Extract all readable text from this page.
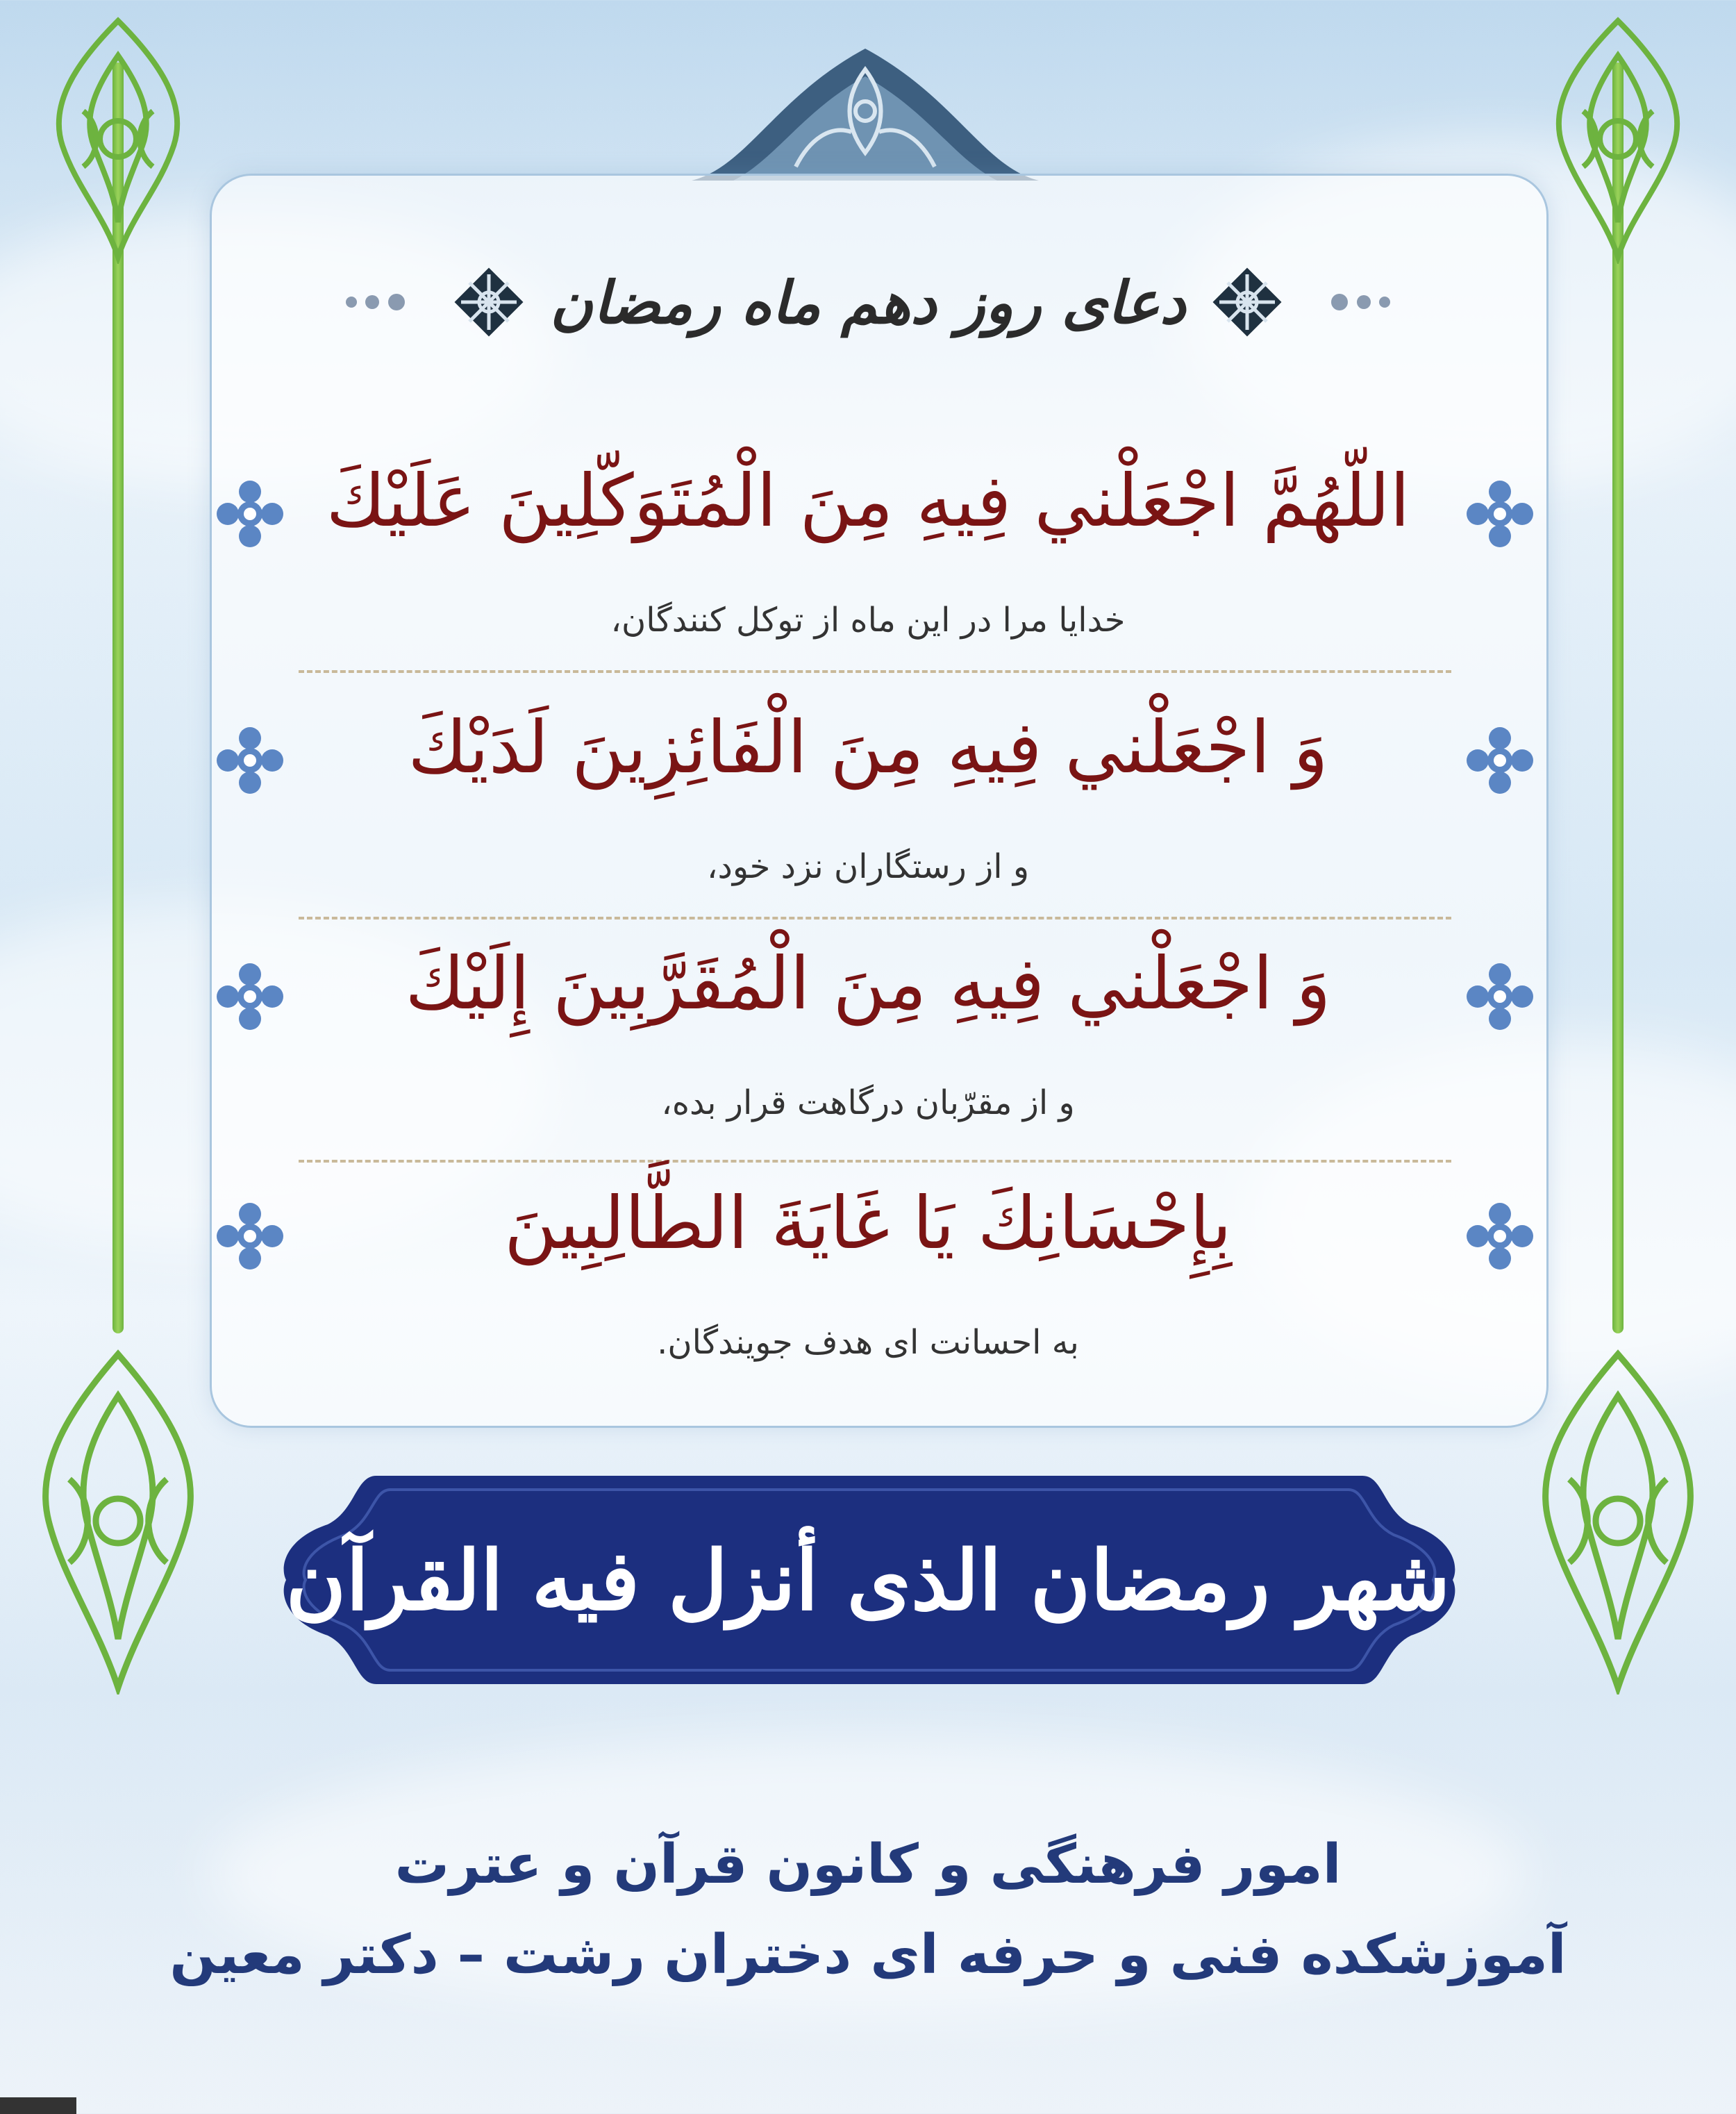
دعای روز دهم ماه رمضان
اللّهُمَّ اجْعَلْني فِيهِ مِنَ الْمُتَوَكّلِينَ عَلَيْكَ
خدایا مرا در این ماه از توکل کنندگان،
وَ اجْعَلْني فِيهِ مِنَ الْفَائِزِينَ لَدَيْكَ
و از رستگاران نزد خود،
وَ اجْعَلْني فِيهِ مِنَ الْمُقَرَّبِينَ إِلَيْكَ
و از مقرّبان درگاهت قرار بده،
بِإِحْسَانِكَ يَا غَايَةَ الطَّالِبِينَ
به احسانت ای هدف جویندگان.
شهر رمضان الذی أنزل فیه القرآن
امور فرهنگی و کانون قرآن و عترت
آموزشکده فنی و حرفه ای دختران رشت – دکتر معین
